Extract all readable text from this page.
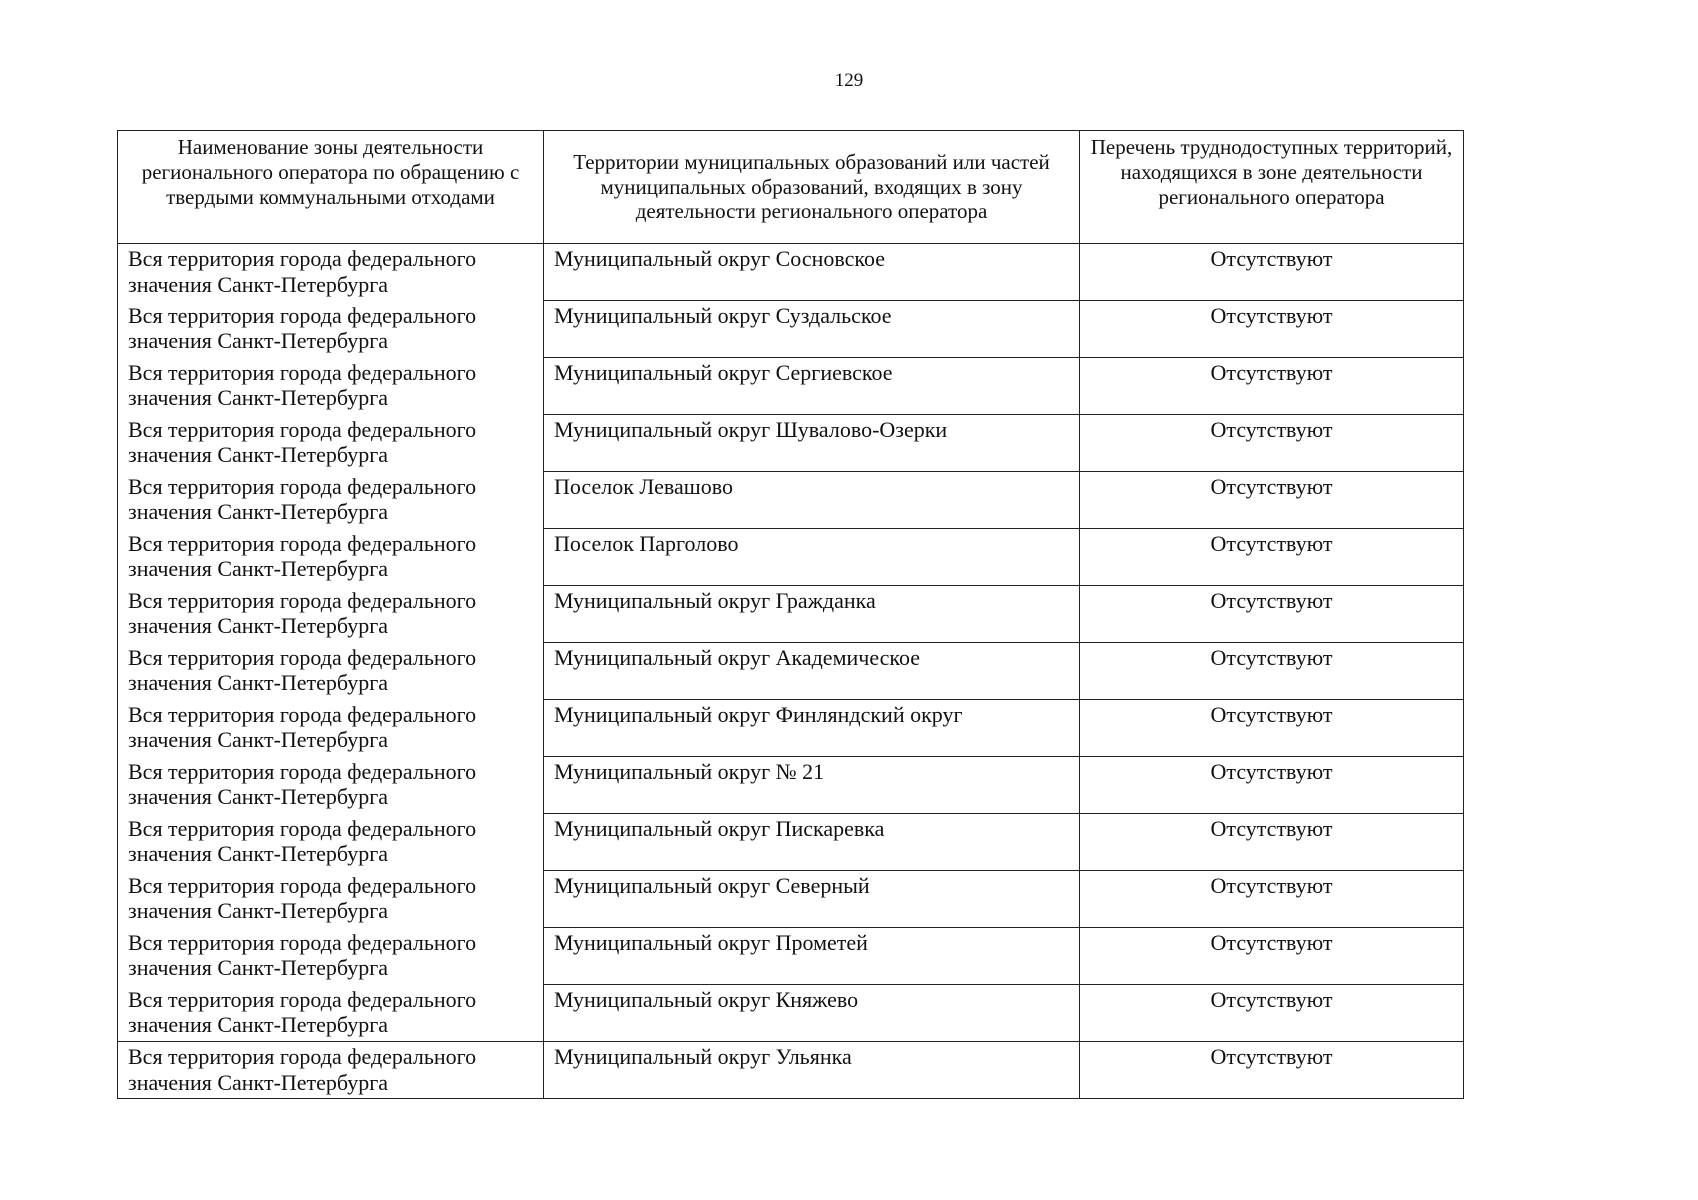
129
Наименование зоны деятельности регионального оператора по обращению с твердыми коммунальными отходами	Территории муниципальных образований или частей муниципальных образований, входящих в зону деятельности регионального оператора	Перечень труднодоступных территорий, находящихся в зоне деятельности регионального оператора
Вся территория города федерального значения Санкт-Петербурга	Муниципальный округ Сосновское	Отсутствуют
Вся территория города федерального значения Санкт-Петербурга	Муниципальный округ Суздальское	Отсутствуют
Вся территория города федерального значения Санкт-Петербурга	Муниципальный округ Сергиевское	Отсутствуют
Вся территория города федерального значения Санкт-Петербурга	Муниципальный округ Шувалово-Озерки	Отсутствуют
Вся территория города федерального значения Санкт-Петербурга	Поселок Левашово	Отсутствуют
Вся территория города федерального значения Санкт-Петербурга	Поселок Парголово	Отсутствуют
Вся территория города федерального значения Санкт-Петербурга	Муниципальный округ Гражданка	Отсутствуют
Вся территория города федерального значения Санкт-Петербурга	Муниципальный округ Академическое	Отсутствуют
Вся территория города федерального значения Санкт-Петербурга	Муниципальный округ Финляндский округ	Отсутствуют
Вся территория города федерального значения Санкт-Петербурга	Муниципальный округ № 21	Отсутствуют
Вся территория города федерального значения Санкт-Петербурга	Муниципальный округ Пискаревка	Отсутствуют
Вся территория города федерального значения Санкт-Петербурга	Муниципальный округ Северный	Отсутствуют
Вся территория города федерального значения Санкт-Петербурга	Муниципальный округ Прометей	Отсутствуют
Вся территория города федерального значения Санкт-Петербурга	Муниципальный округ Княжево	Отсутствуют
Вся территория города федерального значения Санкт-Петербурга	Муниципальный округ Ульянка	Отсутствуют
